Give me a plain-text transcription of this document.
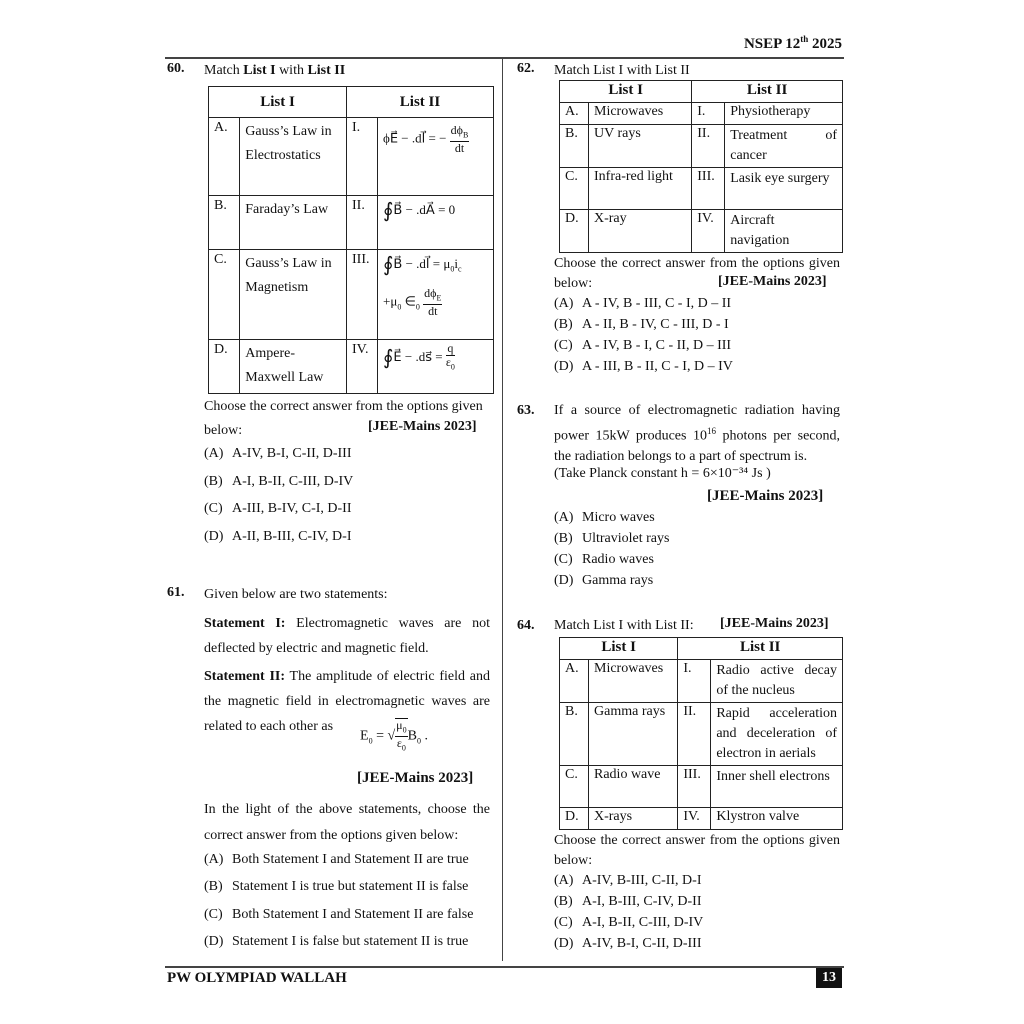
NSEP 12th 2025
60. Match List I with List II
List I		List II	
A.	Gauss’s Law in Electrostatics	I.	ϕE⃗ − .dl⃗ = − $\frac{d\phi_B}{dt}$

B.	Faraday’s Law	II.	∮B⃗ − .dA⃗ = 0
C.	Gauss’s Law in Magnetism	III.	∮B⃗ − .dl⃗ = $\mu_0i_c$
$+\mu_0$ $\in_0 \frac{d\phi_E}{dt}$

D.	Ampere-Maxwell Law	IV.	∮E⃗ − .ds⃗ = $\frac{q}{\varepsilon_0}$
Choose the correct answer from the options given below:	[JEE-Mains 2023]
(A) A-IV, B-I, C-II, D-III
(B) A-I, B-II, C-III, D-IV
(C) A-III, B-IV, C-I, D-II
(D) A-II, B-III, C-IV, D-I
61. Given below are two statements:
Statement I: Electromagnetic waves are not deflected by electric and magnetic field.
Statement II: The amplitude of electric field and the magnetic field in electromagnetic waves are related to each other as
$E_0$ = √ $\frac{\mu_0}{\varepsilon_0} B_0$ .
[JEE-Mains 2023]
In the light of the above statements, choose the correct answer from the options given below:
(A) Both Statement I and Statement II are true
(B) Statement I is true but statement II is false
(C) Both Statement I and Statement II are false
(D) Statement I is false but statement II is true
62. Match List I with List II
List I		List II	
A.	Microwaves	I.	Physiotherapy
B.	UV rays	II.	Treatment of cancer
C.	Infra-red light	III.	Lasik eye surgery
D.	X-ray	IV.	Aircraft navigation
Choose the correct answer from the options given below:	[JEE-Mains 2023]
(A) A - IV, B - III, C - I, D – II
(B) A - II, B - IV, C - III, D - I
(C) A - IV, B - I, C - II, D – III
(D) A - III, B - II, C - I, D – IV
63. If a source of electromagnetic radiation having power 15kW produces $10^{16}$ photons per second, the radiation belongs to a part of spectrum is.
(Take Planck constant h = 6×10⁻³⁴ Js )
[JEE-Mains 2023]
(A) Micro waves
(B) Ultraviolet rays
(C) Radio waves
(D) Gamma rays
64. Match List I with List II: [JEE-Mains 2023]
List I		List II	
A.	Microwaves	I.	Radio active decay of the nucleus
B.	Gamma rays	II.	Rapid acceleration and deceleration of electron in aerials
C.	Radio wave	III.	Inner shell electrons
D.	X-rays	IV.	Klystron valve
Choose the correct answer from the options given below:
(A) A-IV, B-III, C-II, D-I
(B) A-I, B-III, C-IV, D-II
(C) A-I, B-II, C-III, D-IV
(D) A-IV, B-I, C-II, D-III
PW OLYMPIAD WALLAH	13
